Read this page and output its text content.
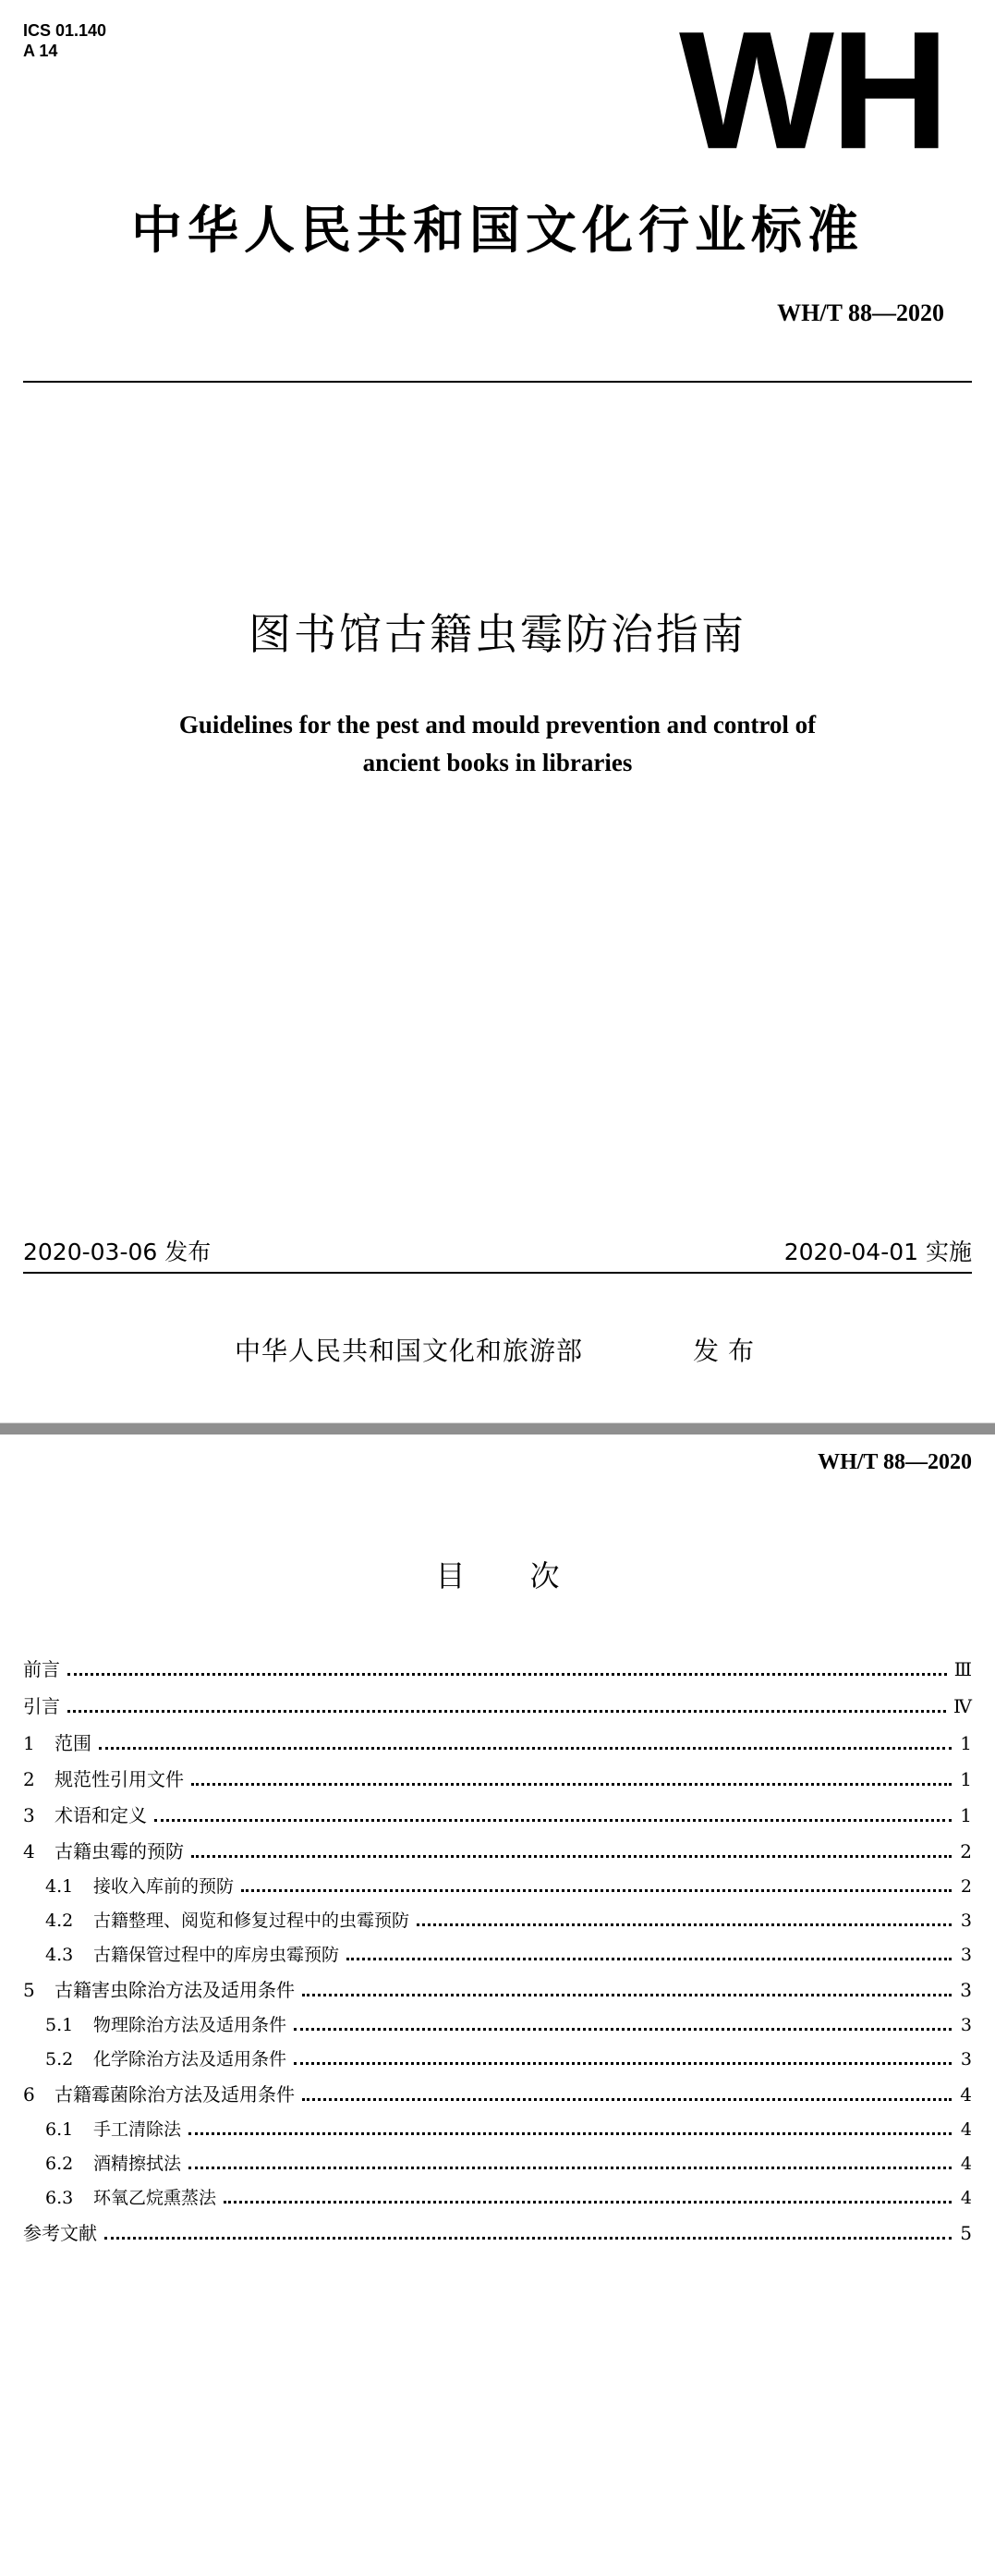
ICS 01.140
A 14	WH
中华人民共和国文化行业标准
WH/T 88—2020
图书馆古籍虫霉防治指南
Guidelines for the pest and mould prevention and control of
ancient books in libraries
2020-03-06 发布	2020-04-01 实施
中华人民共和国文化和旅游部	发布
WH/T 88—2020
目 次
前言	Ⅲ
引言	Ⅳ
1	范围	1
2	规范性引用文件	1
3	术语和定义	1
4	古籍虫霉的预防	2
4.1	接收入库前的预防	2
4.2	古籍整理、阅览和修复过程中的虫霉预防	3
4.3	古籍保管过程中的库房虫霉预防	3
5	古籍害虫除治方法及适用条件	3
5.1	物理除治方法及适用条件	3
5.2	化学除治方法及适用条件	3
6	古籍霉菌除治方法及适用条件	4
6.1	手工清除法	4
6.2	酒精擦拭法	4
6.3	环氧乙烷熏蒸法	4
参考文献	5
